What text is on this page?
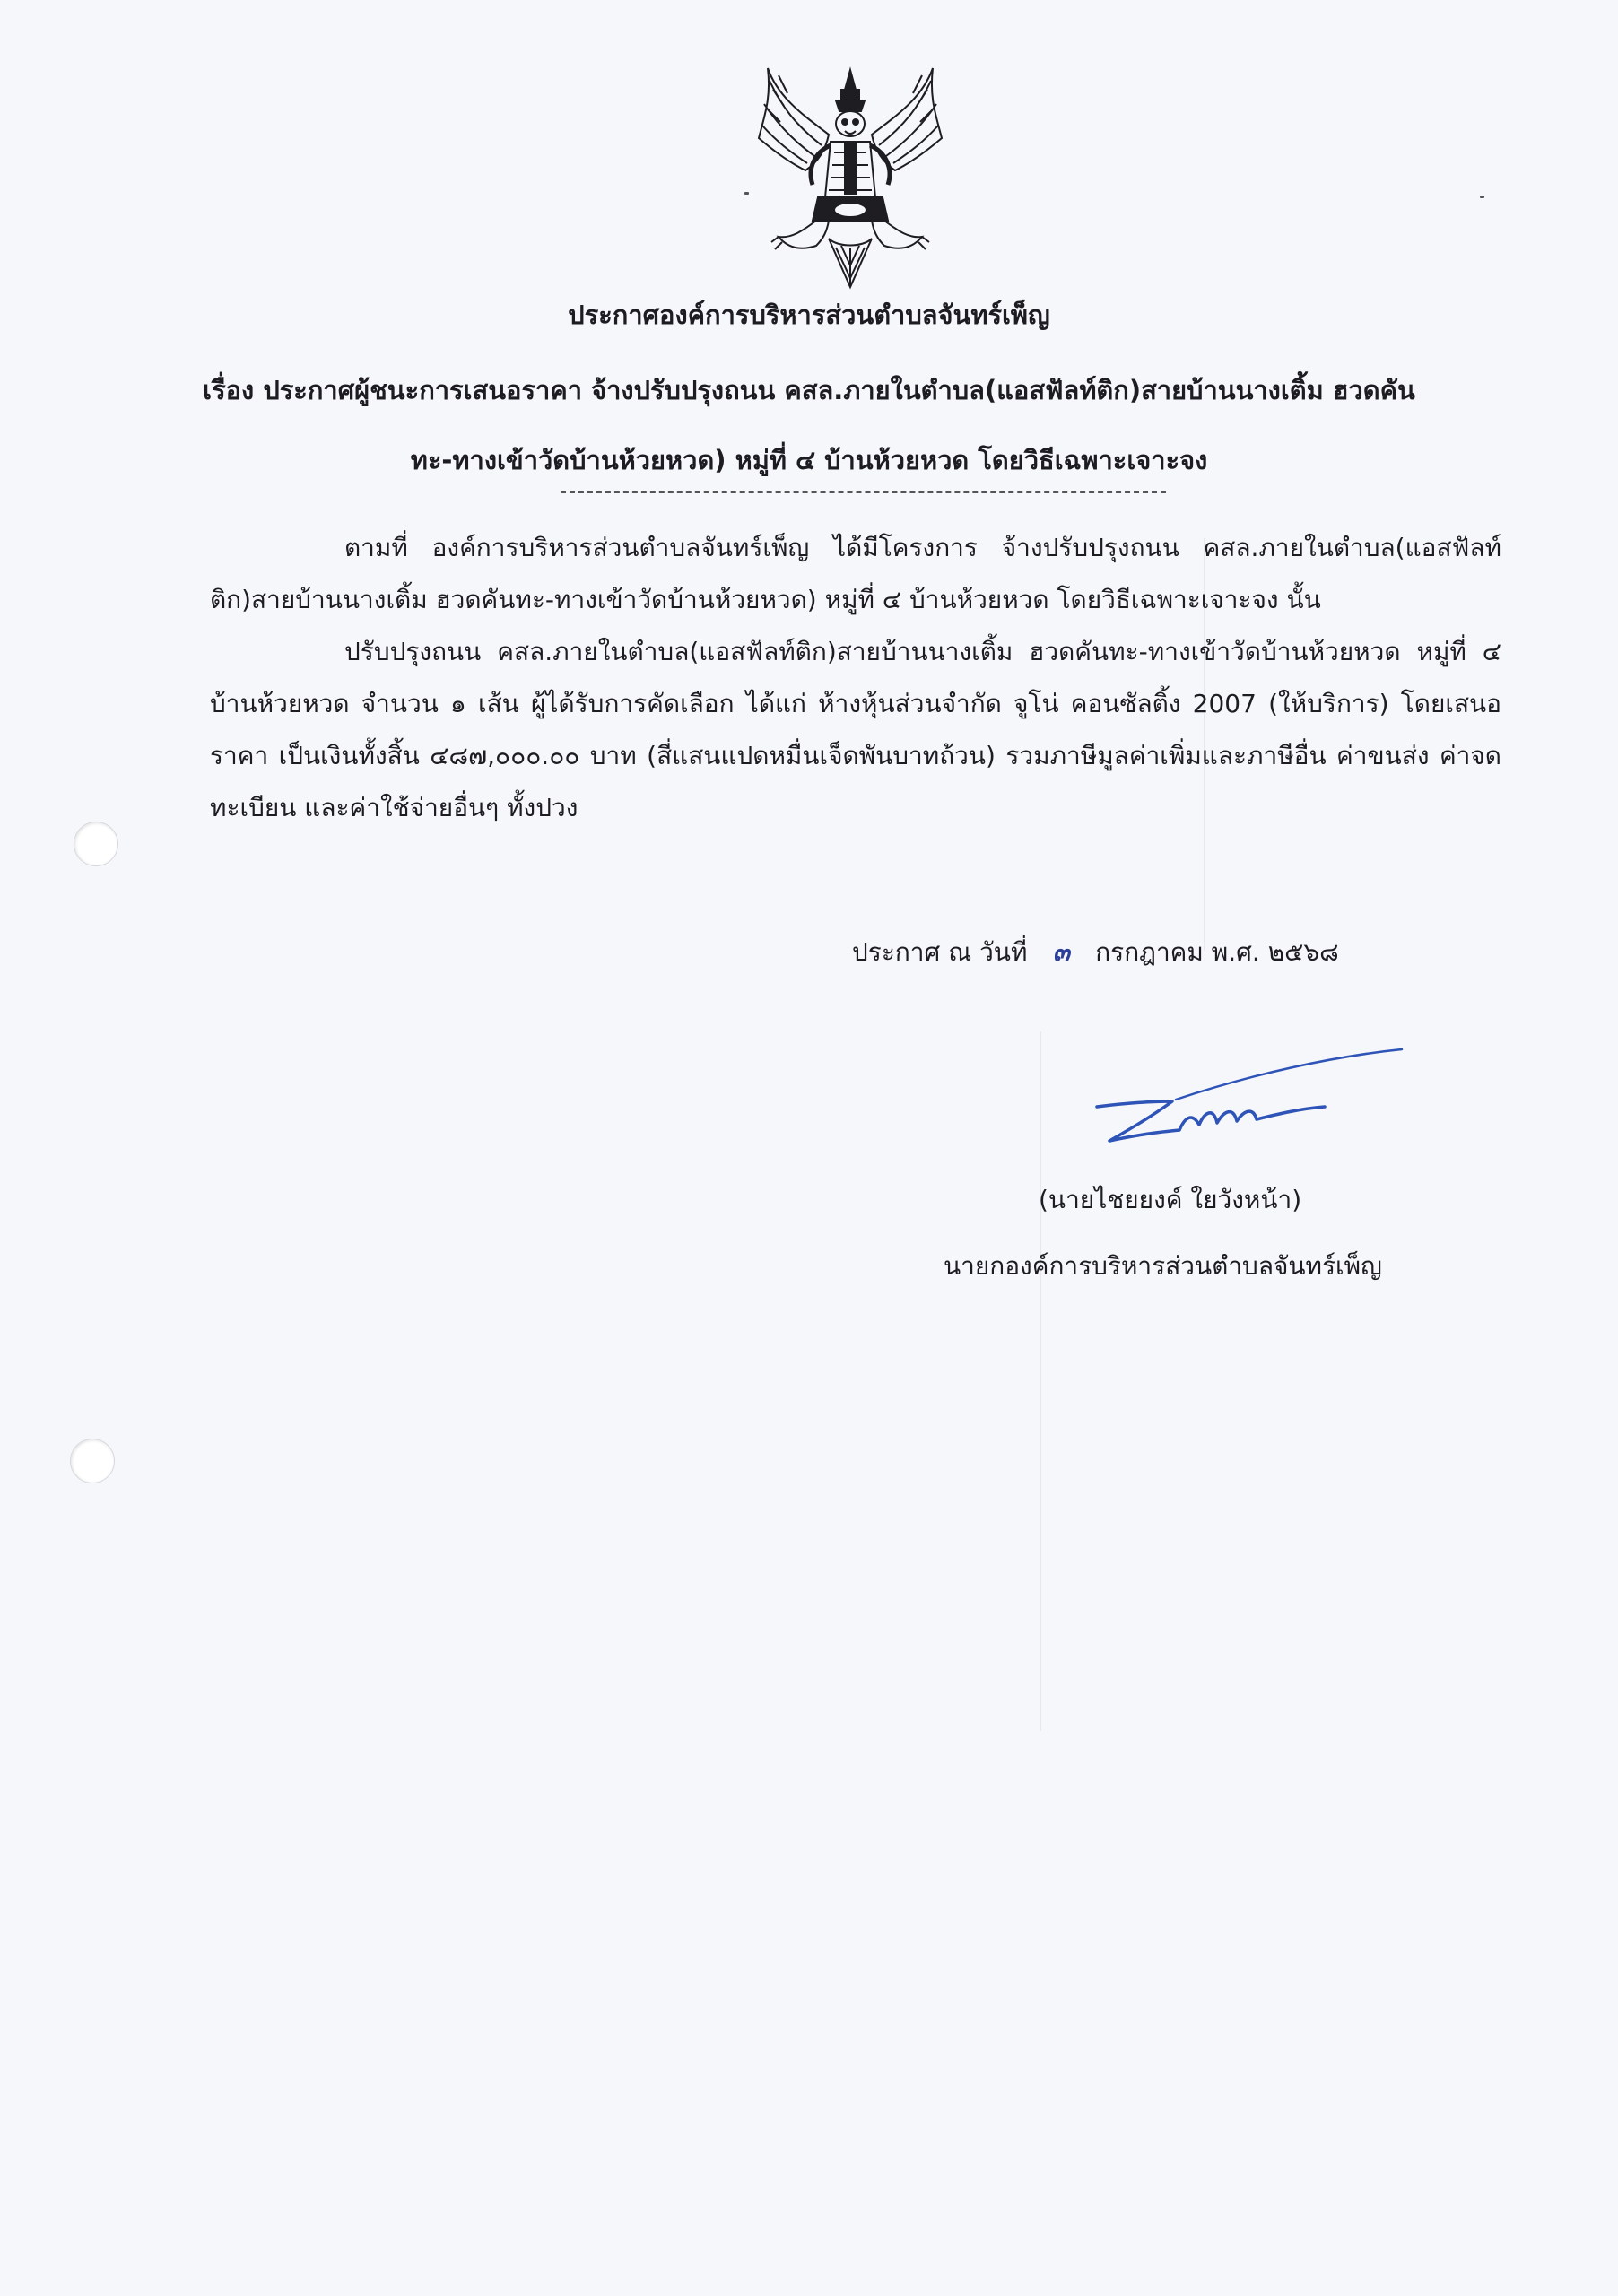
ประกาศองค์การบริหารส่วนตำบลจันทร์เพ็ญ
เรื่อง ประกาศผู้ชนะการเสนอราคา จ้างปรับปรุงถนน คสล.ภายในตำบล(แอสฟัลท์ติก)สายบ้านนางเติ้ม ฮวดคัน
ทะ-ทางเข้าวัดบ้านห้วยหวด) หมู่ที่ ๔ บ้านห้วยหวด โดยวิธีเฉพาะเจาะจง

ตามที่ องค์การบริหารส่วนตำบลจันทร์เพ็ญ ได้มีโครงการ จ้างปรับปรุงถนน คสล.ภายในตำบล(แอสฟัลท์ติก)สายบ้านนางเติ้ม ฮวดคันทะ-ทางเข้าวัดบ้านห้วยหวด) หมู่ที่ ๔ บ้านห้วยหวด โดยวิธีเฉพาะเจาะจง นั้น

ปรับปรุงถนน คสล.ภายในตำบล(แอสฟัลท์ติก)สายบ้านนางเติ้ม ฮวดคันทะ-ทางเข้าวัดบ้านห้วยหวด หมู่ที่ ๔ บ้านห้วยหวด จำนวน ๑ เส้น ผู้ได้รับการคัดเลือก ได้แก่ ห้างหุ้นส่วนจำกัด จูโน่ คอนซัลติ้ง 2007 (ให้บริการ) โดยเสนอราคา เป็นเงินทั้งสิ้น ๔๘๗,๐๐๐.๐๐ บาท (สี่แสนแปดหมื่นเจ็ดพันบาทถ้วน) รวมภาษีมูลค่าเพิ่มและภาษีอื่น ค่าขนส่ง ค่าจดทะเบียน และค่าใช้จ่ายอื่นๆ ทั้งปวง

ประกาศ ณ วันที่ ๓ กรกฎาคม พ.ศ. ๒๕๖๘
(นายไชยยงค์ ใยวังหน้า)
นายกองค์การบริหารส่วนตำบลจันทร์เพ็ญ
